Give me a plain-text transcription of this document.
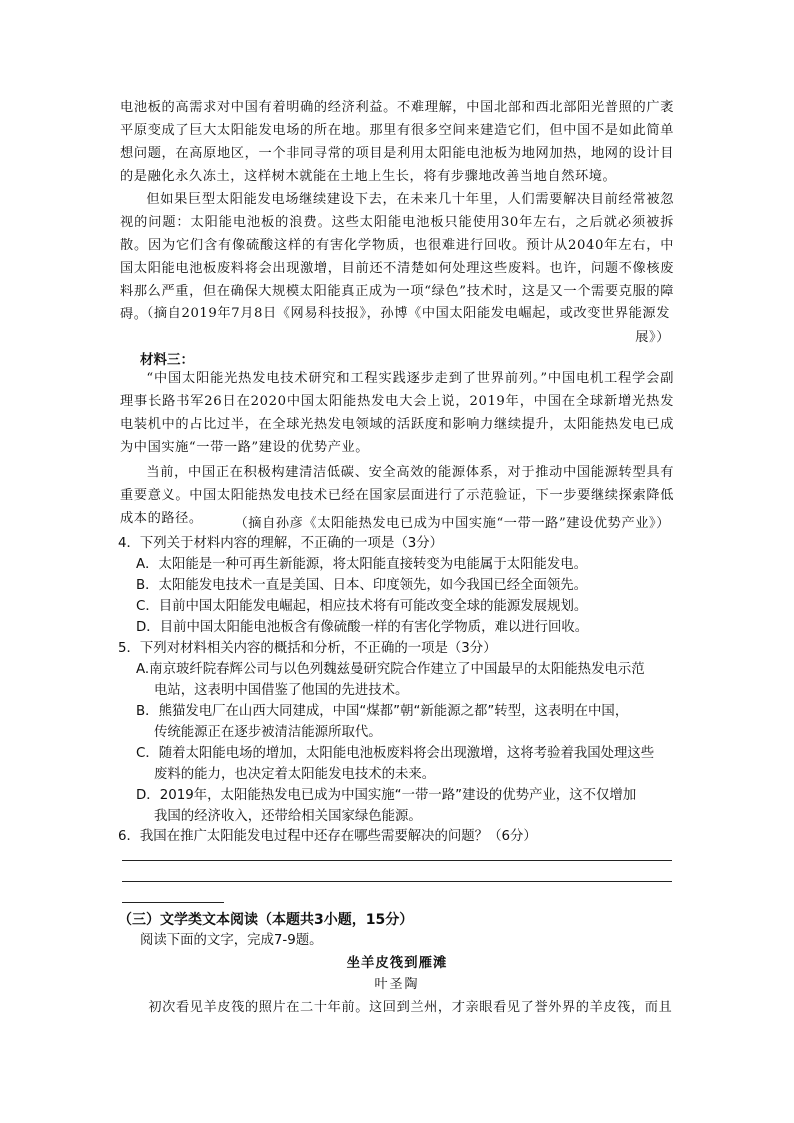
电池板的高需求对中国有着明确的经济利益。不难理解，中国北部和西北部阳光普照的广袤平原变成了巨大太阳能发电场的所在地。那里有很多空间来建造它们，但中国不是如此简单想问题，在高原地区，一个非同寻常的项目是利用太阳能电池板为地网加热，地网的设计目的是融化永久冻土，这样树木就能在土地上生长，将有步骤地改善当地自然环境。

但如果巨型太阳能发电场继续建设下去，在未来几十年里，人们需要解决目前经常被忽视的问题：太阳能电池板的浪费。这些太阳能电池板只能使用30年左右，之后就必须被拆散。因为它们含有像硫酸这样的有害化学物质，也很难进行回收。预计从2040年左右，中国太阳能电池板废料将会出现激增，目前还不清楚如何处理这些废料。也许，问题不像核废料那么严重，但在确保大规模太阳能真正成为一项“绿色”技术时，这是又一个需要克服的障碍。

（摘自2019年7月8日《网易科技报》，孙博《中国太阳能发电崛起，或改变世界能源发展》）
材料三：

“中国太阳能光热发电技术研究和工程实践逐步走到了世界前列。”中国电机工程学会副理事长路书军26日在2020中国太阳能热发电大会上说，2019年，中国在全球新增光热发电装机中的占比过半，在全球光热发电领域的活跃度和影响力继续提升，太阳能热发电已成为中国实施“一带一路”建设的优势产业。

当前，中国正在积极构建清洁低碳、安全高效的能源体系，对于推动中国能源转型具有重要意义。中国太阳能热发电技术已经在国家层面进行了示范验证，下一步要继续探索降低成本的路径。	（摘自孙彦《太阳能热发电已成为中国实施“一带一路”建设优势产业》）

4．下列关于材料内容的理解，不正确的一项是（3分）

A．太阳能是一种可再生新能源，将太阳能直接转变为电能属于太阳能发电。

B．太阳能发电技术一直是美国、日本、印度领先，如今我国已经全面领先。

C．目前中国太阳能发电崛起，相应技术将有可能改变全球的能源发展规划。

D．目前中国太阳能电池板含有像硫酸一样的有害化学物质，难以进行回收。

5．下列对材料相关内容的概括和分析，不正确的一项是（3分）

A.南京玻纤院春辉公司与以色列魏兹曼研究院合作建立了中国最早的太阳能热发电示范

电站，这表明中国借鉴了他国的先进技术。

B．熊猫发电厂在山西大同建成，中国“煤都”朝“新能源之都”转型，这表明在中国，

传统能源正在逐步被清洁能源所取代。

C．随着太阳能电场的增加，太阳能电池板废料将会出现激增，这将考验着我国处理这些

废料的能力，也决定着太阳能发电技术的未来。

D．2019年，太阳能热发电已成为中国实施“一带一路”建设的优势产业，这不仅增加

我国的经济收入，还带给相关国家绿色能源。

6．我国在推广太阳能发电过程中还存在哪些需要解决的问题？（6分）

（三）文学类文本阅读（本题共3小题，15分）
阅读下面的文字，完成7-9题。
坐羊皮筏到雁滩
叶圣陶
初次看见羊皮筏的照片在二十年前。这回到兰州，才亲眼看见了誉外界的羊皮筏，而且
